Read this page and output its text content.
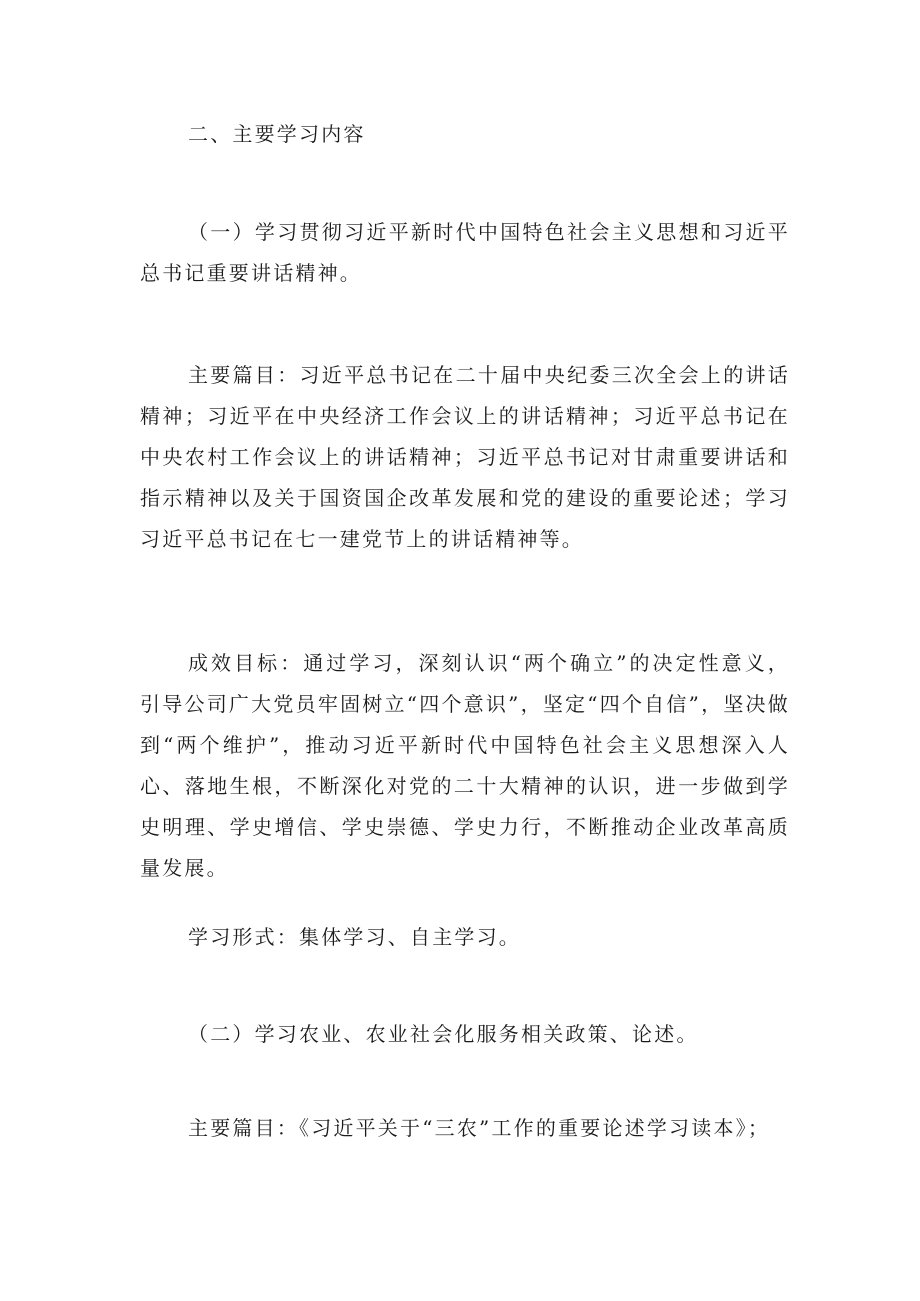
二、主要学习内容

（一）学习贯彻习近平新时代中国特色社会主义思想和习近平总书记重要讲话精神。

主要篇目：习近平总书记在二十届中央纪委三次全会上的讲话精神；习近平在中央经济工作会议上的讲话精神；习近平总书记在中央农村工作会议上的讲话精神；习近平总书记对甘肃重要讲话和指示精神以及关于国资国企改革发展和党的建设的重要论述；学习习近平总书记在七一建党节上的讲话精神等。

成效目标：通过学习，深刻认识“两个确立”的决定性意义，引导公司广大党员牢固树立“四个意识”，坚定“四个自信”，坚决做到“两个维护”，推动习近平新时代中国特色社会主义思想深入人心、落地生根，不断深化对党的二十大精神的认识，进一步做到学史明理、学史增信、学史崇德、学史力行，不断推动企业改革高质量发展。

学习形式：集体学习、自主学习。

（二）学习农业、农业社会化服务相关政策、论述。

主要篇目：《习近平关于“三农”工作的重要论述学习读本》；
